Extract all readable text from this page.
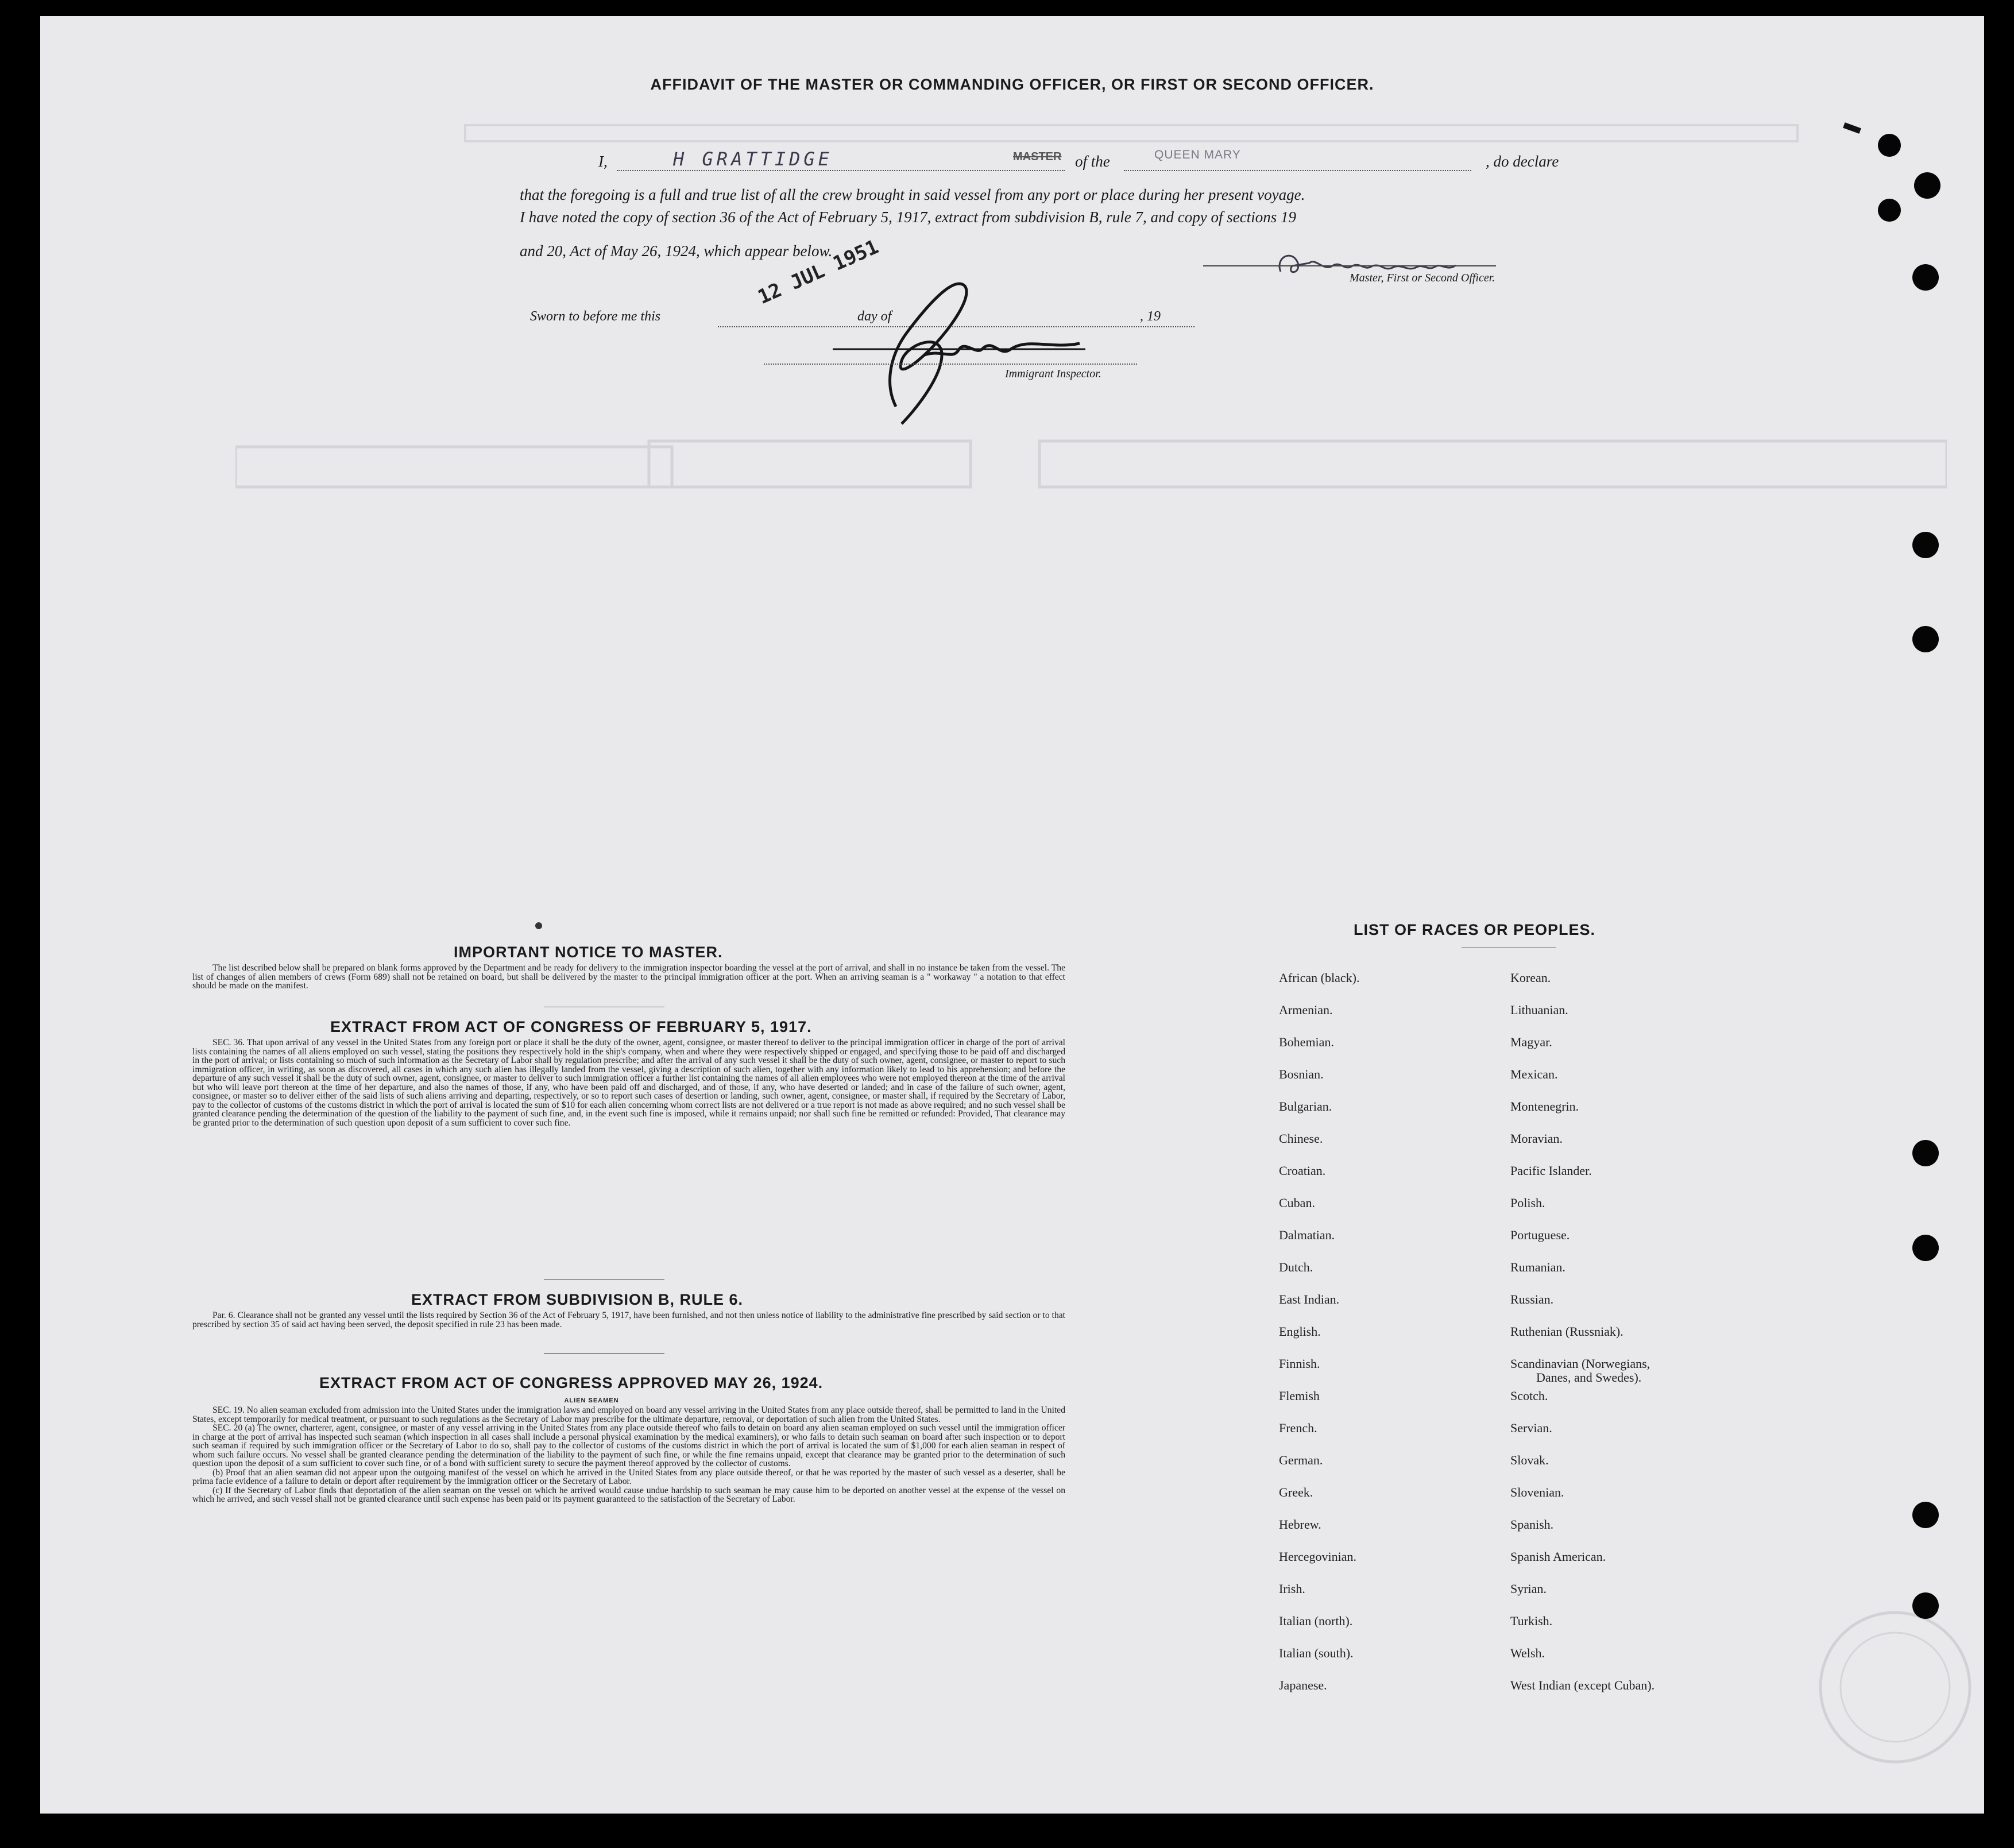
AFFIDAVIT OF THE MASTER OR COMMANDING OFFICER, OR FIRST OR SECOND OFFICER.
I,	H GRATTIDGE	MASTER of the	QUEEN MARY	, do declare
that the foregoing is a full and true list of all the crew brought in said vessel from any port or place during her present voyage.
I have noted the copy of section 36 of the Act of February 5, 1917, extract from subdivision B, rule 7, and copy of sections 19
and 20, Act of May 26, 1924, which appear below.
Master, First or Second Officer.
Sworn to before me this
12 JUL 1951
day of	, 19
Immigrant Inspector.
IMPORTANT NOTICE TO MASTER.

The list described below shall be prepared on blank forms approved by the Department and be ready for delivery to the immigration inspector boarding the vessel at the port of arrival, and shall in no instance be taken from the vessel. The list of changes of alien members of crews (Form 689) shall not be retained on board, but shall be delivered by the master to the principal immigration officer at the port. When an arriving seaman is a " workaway " a notation to that effect should be made on the manifest.

EXTRACT FROM ACT OF CONGRESS OF FEBRUARY 5, 1917.

SEC. 36. That upon arrival of any vessel in the United States from any foreign port or place it shall be the duty of the owner, agent, consignee, or master thereof to deliver to the principal immigration officer in charge of the port of arrival lists containing the names of all aliens employed on such vessel, stating the positions they respectively hold in the ship's company, when and where they were respectively shipped or engaged, and specifying those to be paid off and discharged in the port of arrival; or lists containing so much of such information as the Secretary of Labor shall by regulation prescribe; and after the arrival of any such vessel it shall be the duty of such owner, agent, consignee, or master to report to such immigration officer, in writing, as soon as discovered, all cases in which any such alien has illegally landed from the vessel, giving a description of such alien, together with any information likely to lead to his apprehension; and before the departure of any such vessel it shall be the duty of such owner, agent, consignee, or master to deliver to such immigration officer a further list containing the names of all alien employees who were not employed thereon at the time of the arrival but who will leave port thereon at the time of her departure, and also the names of those, if any, who have been paid off and discharged, and of those, if any, who have deserted or landed; and in case of the failure of such owner, agent, consignee, or master so to deliver either of the said lists of such aliens arriving and departing, respectively, or so to report such cases of desertion or landing, such owner, agent, consignee, or master shall, if required by the Secretary of Labor, pay to the collector of customs of the customs district in which the port of arrival is located the sum of $10 for each alien concerning whom correct lists are not delivered or a true report is not made as above required; and no such vessel shall be granted clearance pending the determination of the question of the liability to the payment of such fine, and, in the event such fine is imposed, while it remains unpaid; nor shall such fine be remitted or refunded: Provided, That clearance may be granted prior to the determination of such question upon deposit of a sum sufficient to cover such fine.

EXTRACT FROM SUBDIVISION B, RULE 6.

Par. 6. Clearance shall not be granted any vessel until the lists required by Section 36 of the Act of February 5, 1917, have been furnished, and not then unless notice of liability to the administrative fine prescribed by said section or to that prescribed by section 35 of said act having been served, the deposit specified in rule 23 has been made.

EXTRACT FROM ACT OF CONGRESS APPROVED MAY 26, 1924.
ALIEN SEAMEN

SEC. 19. No alien seaman excluded from admission into the United States under the immigration laws and employed on board any vessel arriving in the United States from any place outside thereof, shall be permitted to land in the United States, except temporarily for medical treatment, or pursuant to such regulations as the Secretary of Labor may prescribe for the ultimate departure, removal, or deportation of such alien from the United States.

SEC. 20 (a) The owner, charterer, agent, consignee, or master of any vessel arriving in the United States from any place outside thereof who fails to detain on board any alien seaman employed on such vessel until the immigration officer in charge at the port of arrival has inspected such seaman (which inspection in all cases shall include a personal physical examination by the medical examiners), or who fails to detain such seaman on board after such inspection or to deport such seaman if required by such immigration officer or the Secretary of Labor to do so, shall pay to the collector of customs of the customs district in which the port of arrival is located the sum of $1,000 for each alien seaman in respect of whom such failure occurs. No vessel shall be granted clearance pending the determination of the liability to the payment of such fine, or while the fine remains unpaid, except that clearance may be granted prior to the determination of such question upon the deposit of a sum sufficient to cover such fine, or of a bond with sufficient surety to secure the payment thereof approved by the collector of customs.

(b) Proof that an alien seaman did not appear upon the outgoing manifest of the vessel on which he arrived in the United States from any place outside thereof, or that he was reported by the master of such vessel as a deserter, shall be prima facie evidence of a failure to detain or deport after requirement by the immigration officer or the Secretary of Labor.

(c) If the Secretary of Labor finds that deportation of the alien seaman on the vessel on which he arrived would cause undue hardship to such seaman he may cause him to be deported on another vessel at the expense of the vessel on which he arrived, and such vessel shall not be granted clearance until such expense has been paid or its payment guaranteed to the satisfaction of the Secretary of Labor.

LIST OF RACES OR PEOPLES.
African (black).
Armenian.
Bohemian.
Bosnian.
Bulgarian.
Chinese.
Croatian.
Cuban.
Dalmatian.
Dutch.
East Indian.
English.
Finnish.
Flemish
French.
German.
Greek.
Hebrew.
Hercegovinian.
Irish.
Italian (north).
Italian (south).
Japanese.
Korean.
Lithuanian.
Magyar.
Mexican.
Montenegrin.
Moravian.
Pacific Islander.
Polish.
Portuguese.
Rumanian.
Russian.
Ruthenian (Russniak).
Scandinavian (Norwegians,
Scotch.
Servian.
Slovak.
Slovenian.
Spanish.
Spanish American.
Syrian.
Turkish.
Welsh.
West Indian (except Cuban).
Danes, and Swedes).
